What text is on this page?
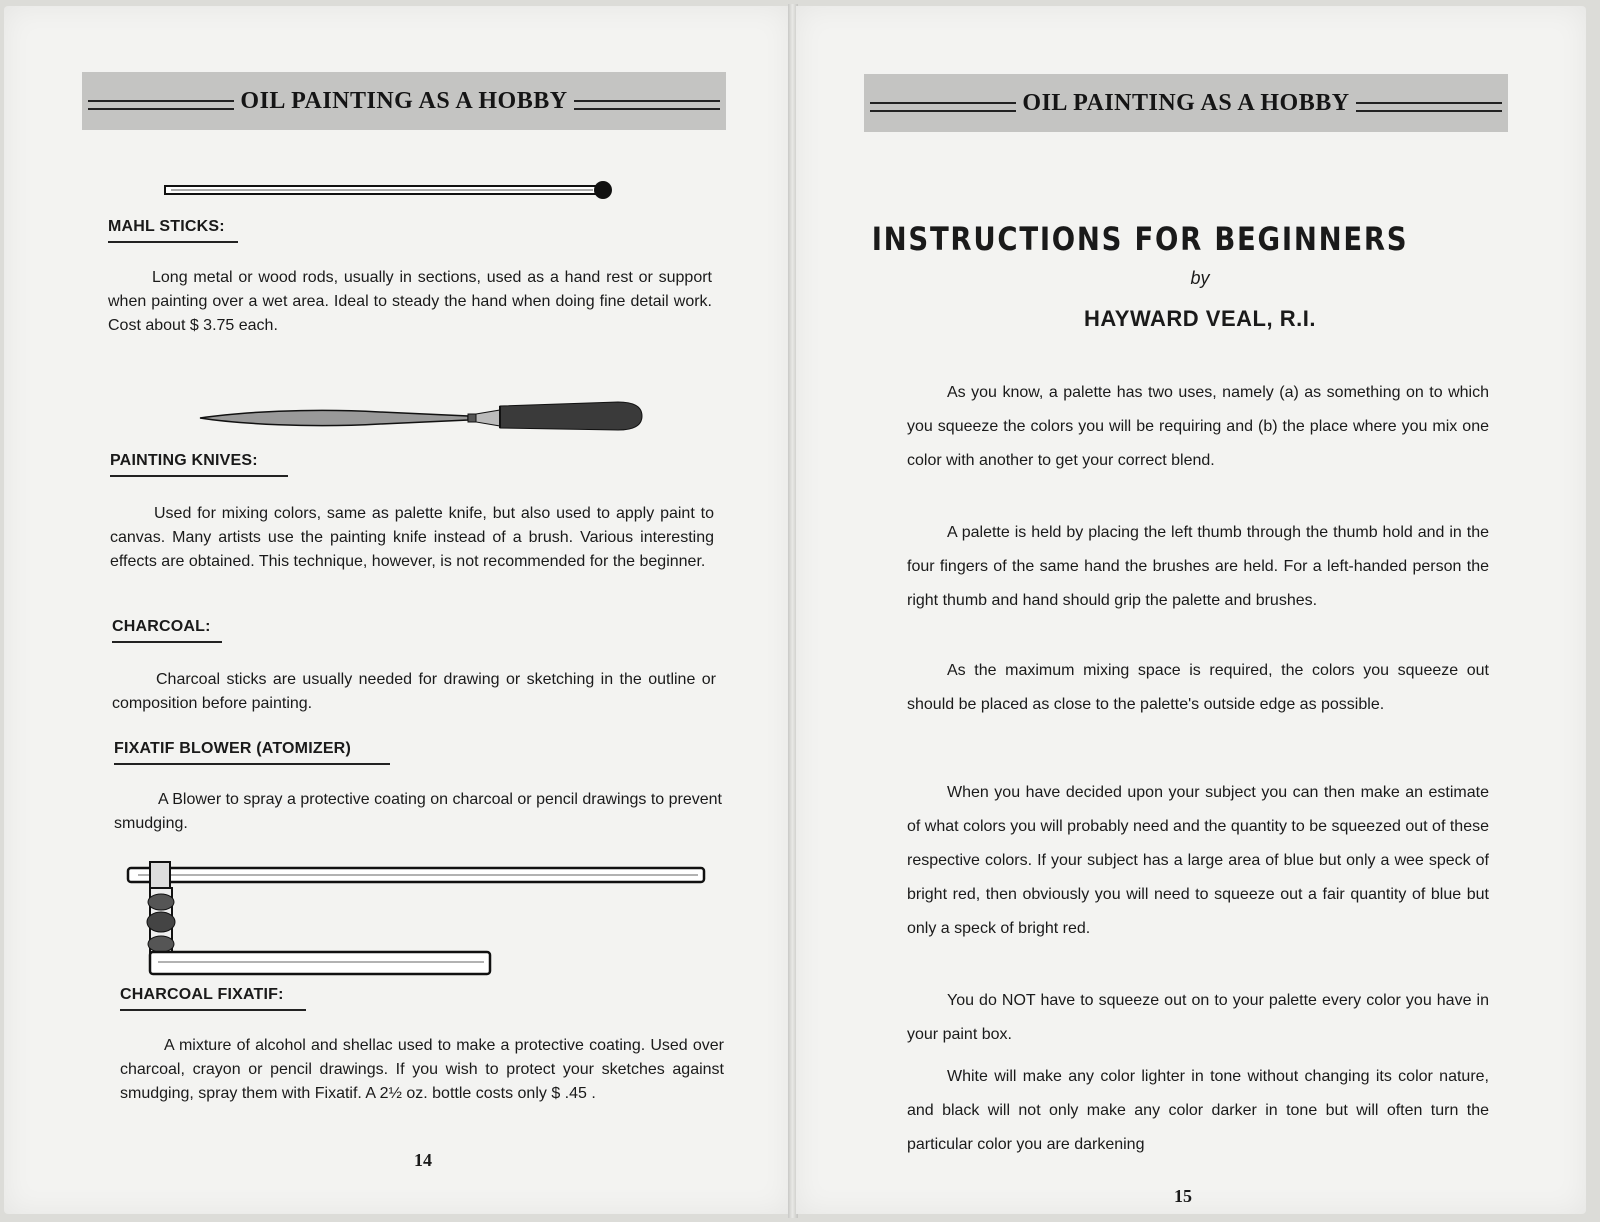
OIL PAINTING AS A HOBBY
MAHL STICKS:
Long metal or wood rods, usually in sections, used as a hand rest or support when painting over a wet area. Ideal to steady the hand when doing fine detail work. Cost about $ 3.75 each.
PAINTING KNIVES:
Used for mixing colors, same as palette knife, but also used to apply paint to canvas. Many artists use the painting knife instead of a brush. Various interesting effects are obtained. This technique, however, is not recommended for the beginner.
CHARCOAL:
Charcoal sticks are usually needed for drawing or sketching in the outline or composition before painting.
FIXATIF BLOWER (ATOMIZER)
A Blower to spray a protective coating on charcoal or pencil drawings to prevent smudging.
CHARCOAL FIXATIF:
A mixture of alcohol and shellac used to make a protective coating. Used over charcoal, crayon or pencil drawings. If you wish to protect your sketches against smudging, spray them with Fixatif. A 2½ oz. bottle costs only $ .45 .
14
OIL PAINTING AS A HOBBY
INSTRUCTIONS FOR BEGINNERS
by
HAYWARD VEAL, R.I.
As you know, a palette has two uses, namely (a) as something on to which you squeeze the colors you will be requiring and (b) the place where you mix one color with another to get your correct blend.
A palette is held by placing the left thumb through the thumb hold and in the four fingers of the same hand the brushes are held. For a left-handed person the right thumb and hand should grip the palette and brushes.
As the maximum mixing space is required, the colors you squeeze out should be placed as close to the palette's outside edge as possible.
When you have decided upon your subject you can then make an estimate of what colors you will probably need and the quantity to be squeezed out of these respective colors. If your subject has a large area of blue but only a wee speck of bright red, then obviously you will need to squeeze out a fair quantity of blue but only a speck of bright red.
You do NOT have to squeeze out on to your palette every color you have in your paint box.
White will make any color lighter in tone without changing its color nature, and black will not only make any color darker in tone but will often turn the particular color you are darkening
15
